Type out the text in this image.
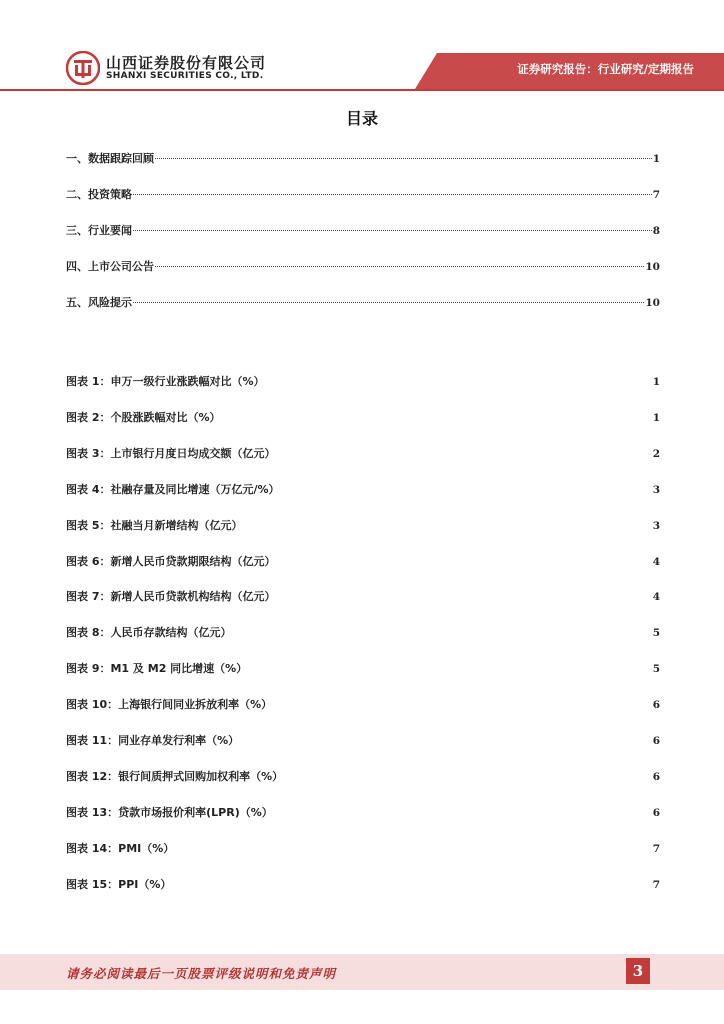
山西证券股份有限公司
SHANXI SECURITIES CO., LTD.	证券研究报告：行业研究/定期报告
目录
一、数据跟踪回顾	1
二、投资策略	7
三、行业要闻	8
四、上市公司公告	10
五、风险提示	10
图表 1：申万一级行业涨跌幅对比（%）	1
图表 2：个股涨跌幅对比（%）	1
图表 3：上市银行月度日均成交额（亿元）	2
图表 4：社融存量及同比增速（万亿元/%）	3
图表 5：社融当月新增结构（亿元）	3
图表 6：新增人民币贷款期限结构（亿元）	4
图表 7：新增人民币贷款机构结构（亿元）	4
图表 8：人民币存款结构（亿元）	5
图表 9：M1 及 M2 同比增速（%）	5
图表 10：上海银行间同业拆放利率（%）	6
图表 11：同业存单发行利率（%）	6
图表 12：银行间质押式回购加权利率（%）	6
图表 13：贷款市场报价利率(LPR)（%）	6
图表 14：PMI（%）	7
图表 15：PPI（%）	7
请务必阅读最后一页股票评级说明和免责声明	3
